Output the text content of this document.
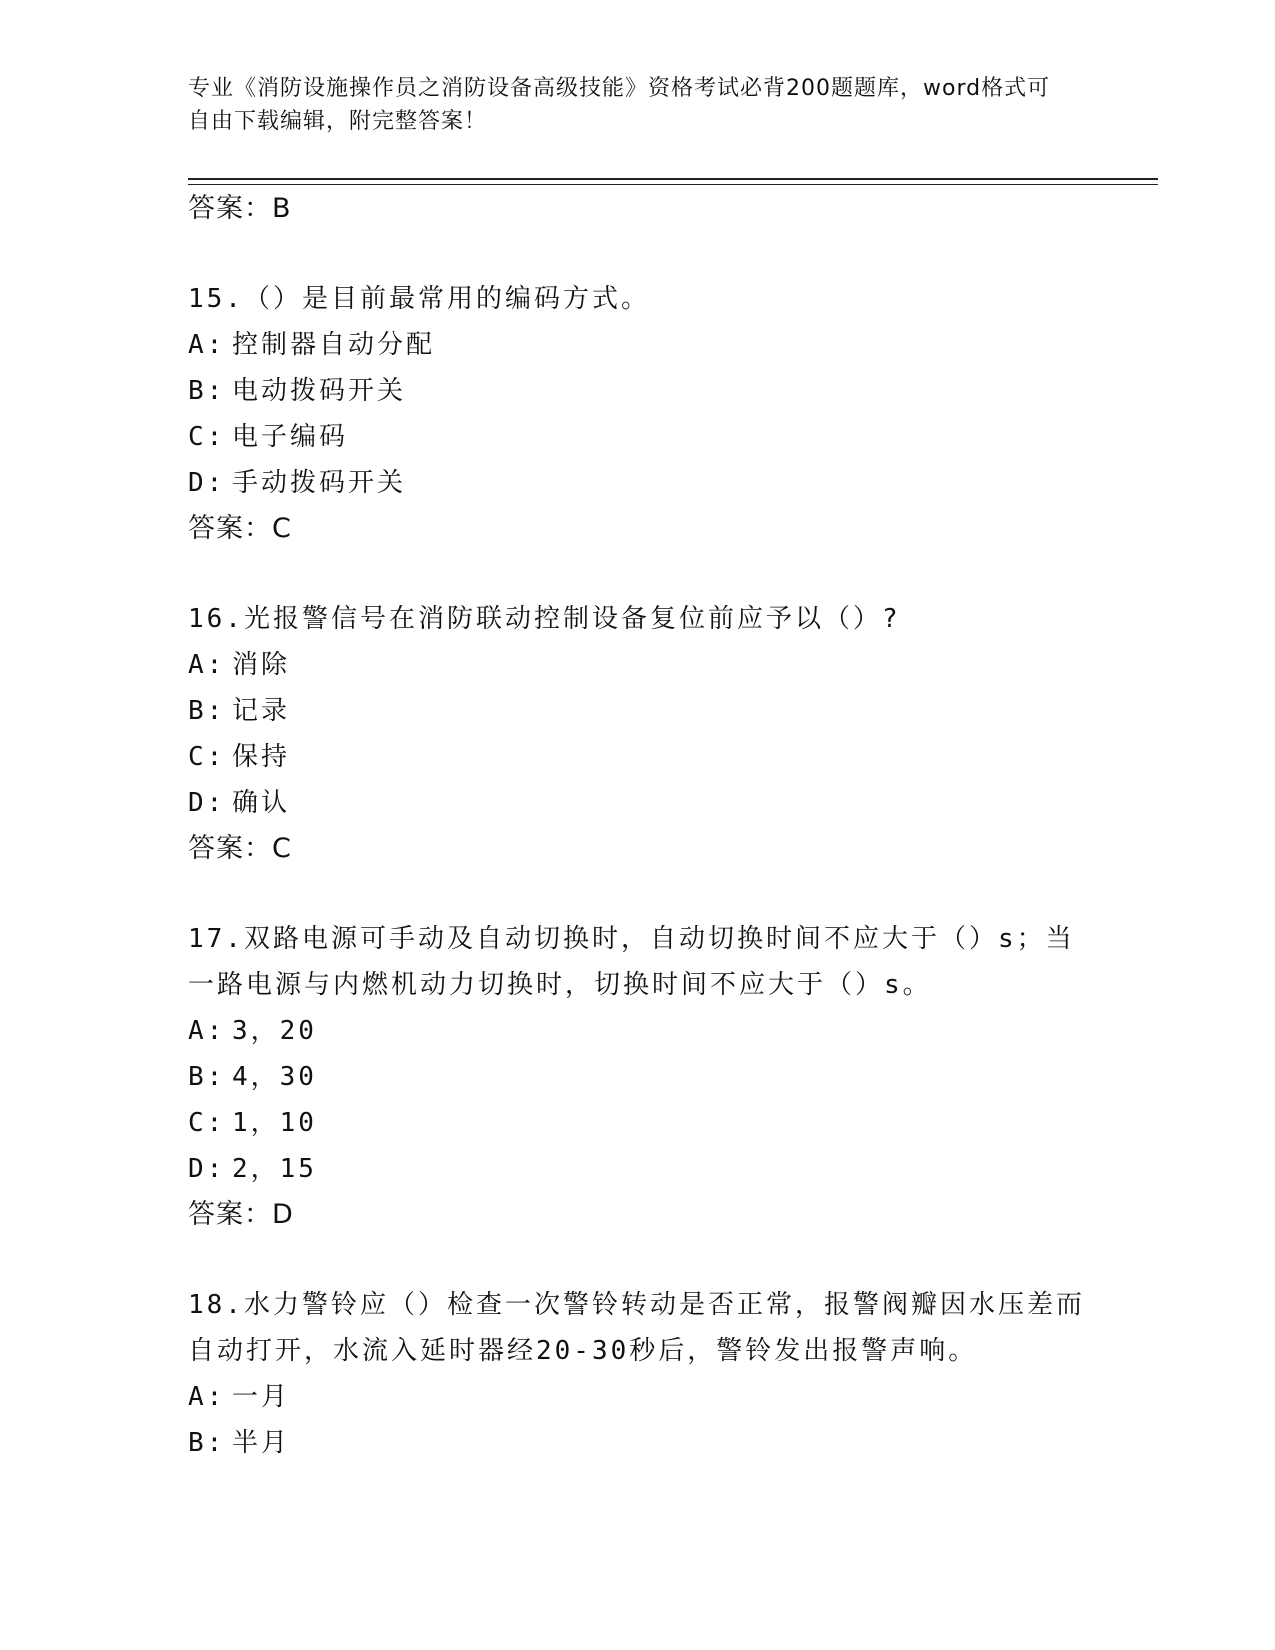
专业《消防设施操作员之消防设备高级技能》资格考试必背200题题库，word格式可自由下载编辑，附完整答案！
答案：B
15.（）是目前最常用的编码方式。
A: 控制器自动分配
B: 电动拨码开关
C: 电子编码
D: 手动拨码开关
答案：C
16.光报警信号在消防联动控制设备复位前应予以（）?
A: 消除
B: 记录
C: 保持
D: 确认
答案：C
17.双路电源可手动及自动切换时，自动切换时间不应大于（）s；当一路电源与内燃机动力切换时，切换时间不应大于（）s。
A: 3，20
B: 4，30
C: 1，10
D: 2，15
答案：D
18.水力警铃应（）检查一次警铃转动是否正常，报警阀瓣因水压差而自动打开，水流入延时器经20-30秒后，警铃发出报警声响。
A: 一月
B: 半月
